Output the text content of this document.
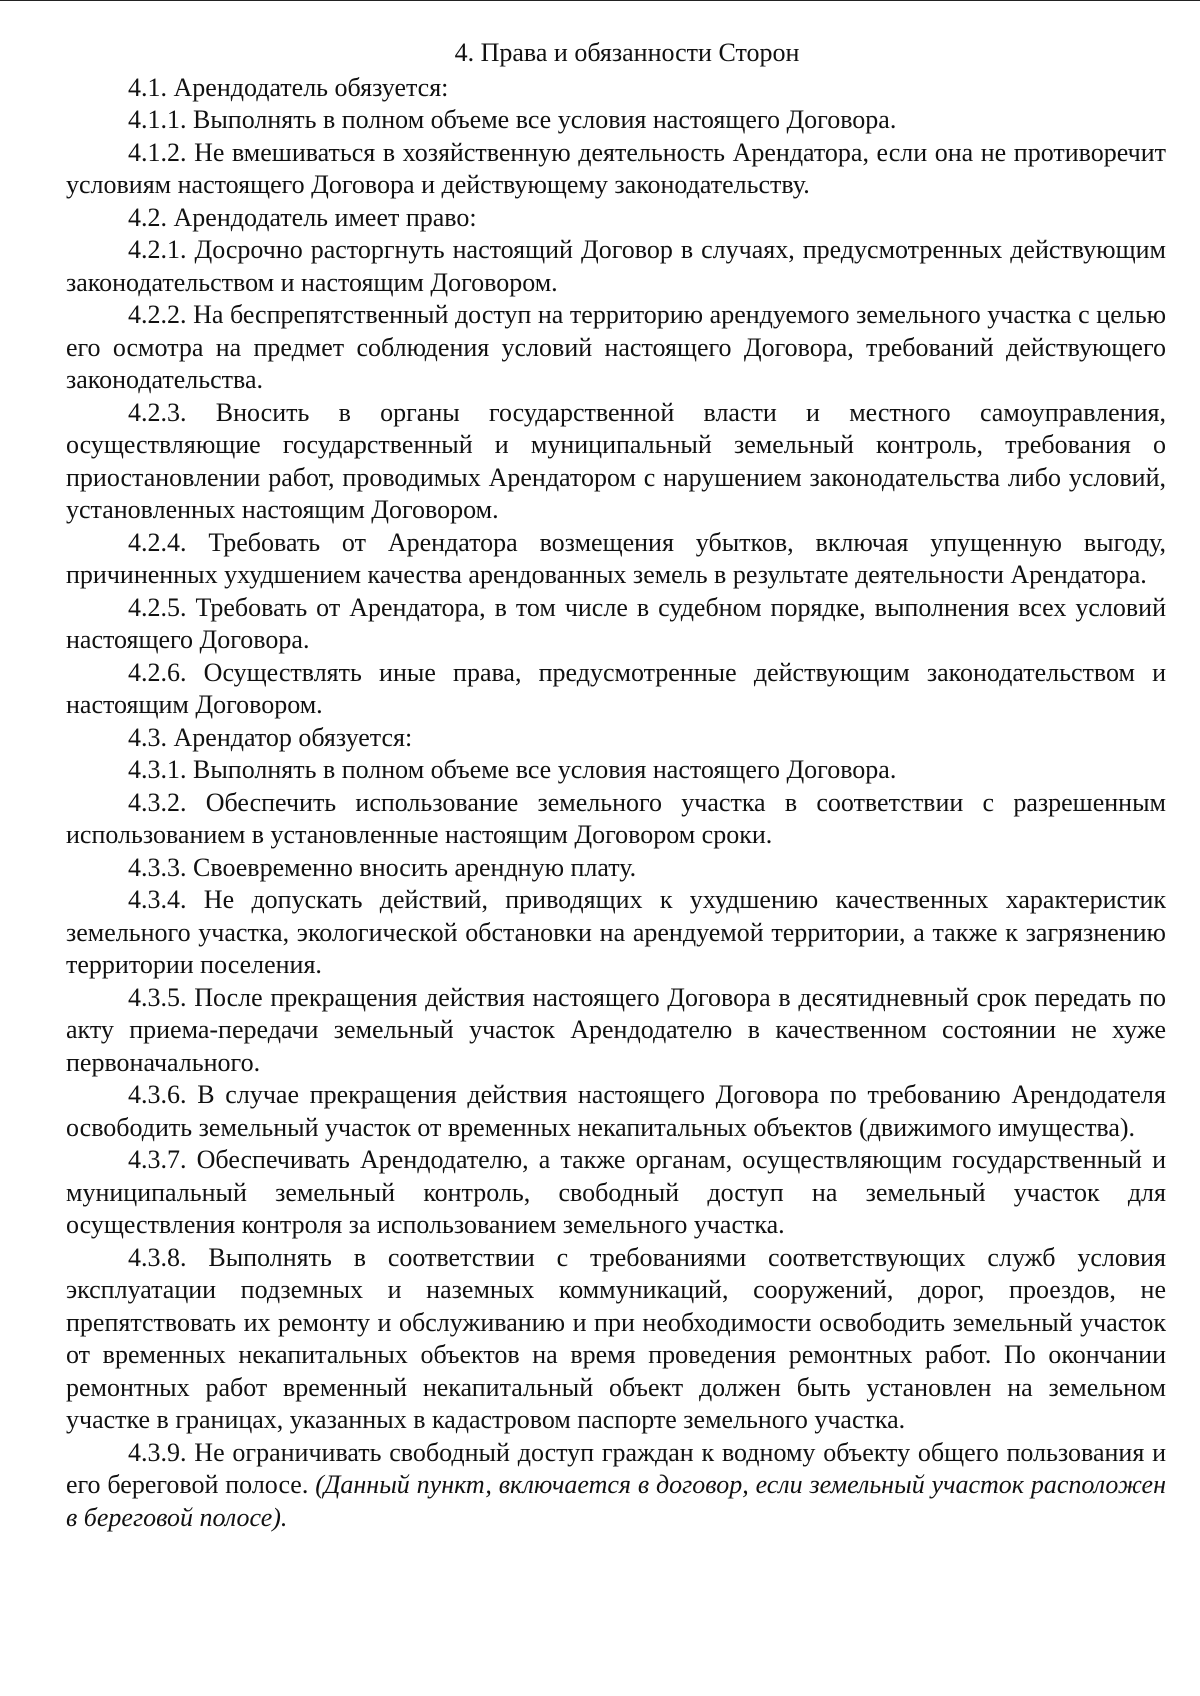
4. Права и обязанности Сторон

4.1. Арендодатель обязуется:

4.1.1. Выполнять в полном объеме все условия настоящего Договора.

4.1.2. Не вмешиваться в хозяйственную деятельность Арендатора, если она не противоречит условиям настоящего Договора и действующему законодательству.

4.2. Арендодатель имеет право:

4.2.1. Досрочно расторгнуть настоящий Договор в случаях, предусмотренных действующим законодательством и настоящим Договором.

4.2.2. На беспрепятственный доступ на территорию арендуемого земельного участка с целью его осмотра на предмет соблюдения условий настоящего Договора, требований действующего законодательства.

4.2.3. Вносить в органы государственной власти и местного самоуправления, осуществляющие государственный и муниципальный земельный контроль, требования о приостановлении работ, проводимых Арендатором с нарушением законодательства либо условий, установленных настоящим Договором.

4.2.4. Требовать от Арендатора возмещения убытков, включая упущенную выгоду, причиненных ухудшением качества арендованных земель в результате деятельности Арендатора.

4.2.5. Требовать от Арендатора, в том числе в судебном порядке, выполнения всех условий настоящего Договора.

4.2.6. Осуществлять иные права, предусмотренные действующим законодательством и настоящим Договором.

4.3. Арендатор обязуется:

4.3.1. Выполнять в полном объеме все условия настоящего Договора.

4.3.2. Обеспечить использование земельного участка в соответствии с разрешенным использованием в установленные настоящим Договором сроки.

4.3.3. Своевременно вносить арендную плату.

4.3.4. Не допускать действий, приводящих к ухудшению качественных характеристик земельного участка, экологической обстановки на арендуемой территории, а также к загрязнению территории поселения.

4.3.5. После прекращения действия настоящего Договора в десятидневный срок передать по акту приема-передачи земельный участок Арендодателю в качественном состоянии не хуже первоначального.

4.3.6. В случае прекращения действия настоящего Договора по требованию Арендодателя освободить земельный участок от временных некапитальных объектов (движимого имущества).

4.3.7. Обеспечивать Арендодателю, а также органам, осуществляющим государственный и муниципальный земельный контроль, свободный доступ на земельный участок для осуществления контроля за использованием земельного участка.

4.3.8. Выполнять в соответствии с требованиями соответствующих служб условия эксплуатации подземных и наземных коммуникаций, сооружений, дорог, проездов, не препятствовать их ремонту и обслуживанию и при необходимости освободить земельный участок от временных некапитальных объектов на время проведения ремонтных работ. По окончании ремонтных работ временный некапитальный объект должен быть установлен на земельном участке в границах, указанных в кадастровом паспорте земельного участка.

4.3.9. Не ограничивать свободный доступ граждан к водному объекту общего пользования и его береговой полосе. (Данный пункт, включается в договор, если земельный участок расположен в береговой полосе).
